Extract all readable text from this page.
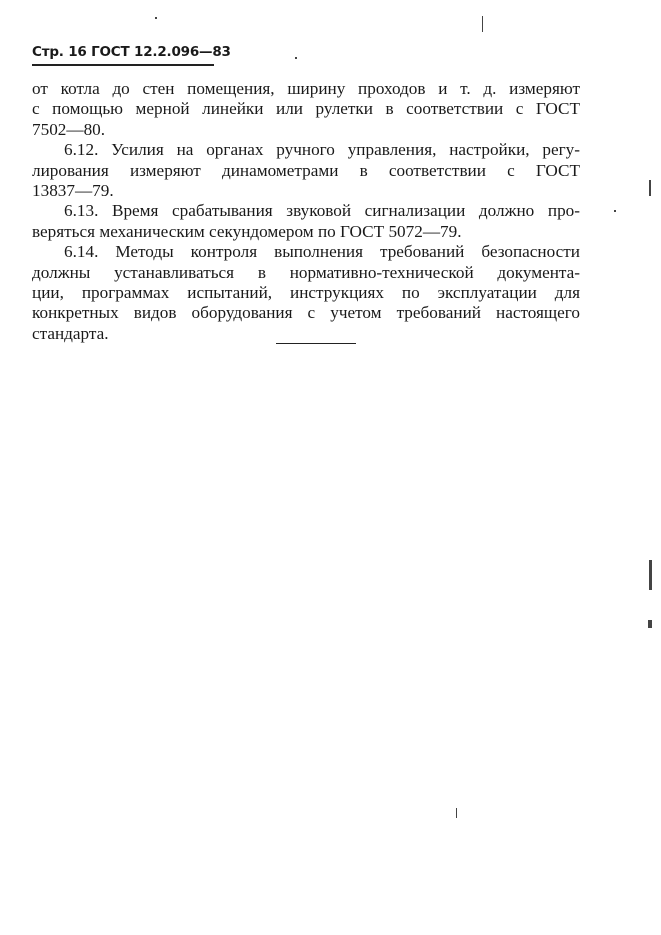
Стр. 16 ГОСТ 12.2.096—83
от котла до стен помещения, ширину проходов и т. д. измеряют
с помощью мерной линейки или рулетки в соответствии с ГОСТ
7502—80.
6.12. Усилия на органах ручного управления, настройки, регу-
лирования измеряют динамометрами в соответствии с ГОСТ
13837—79.
6.13. Время срабатывания звуковой сигнализации должно про-
веряться механическим секундомером по ГОСТ 5072—79.
6.14. Методы контроля выполнения требований безопасности
должны устанавливаться в нормативно-технической документа-
ции, программах испытаний, инструкциях по эксплуатации для
конкретных видов оборудования с учетом требований настоящего
стандарта.
